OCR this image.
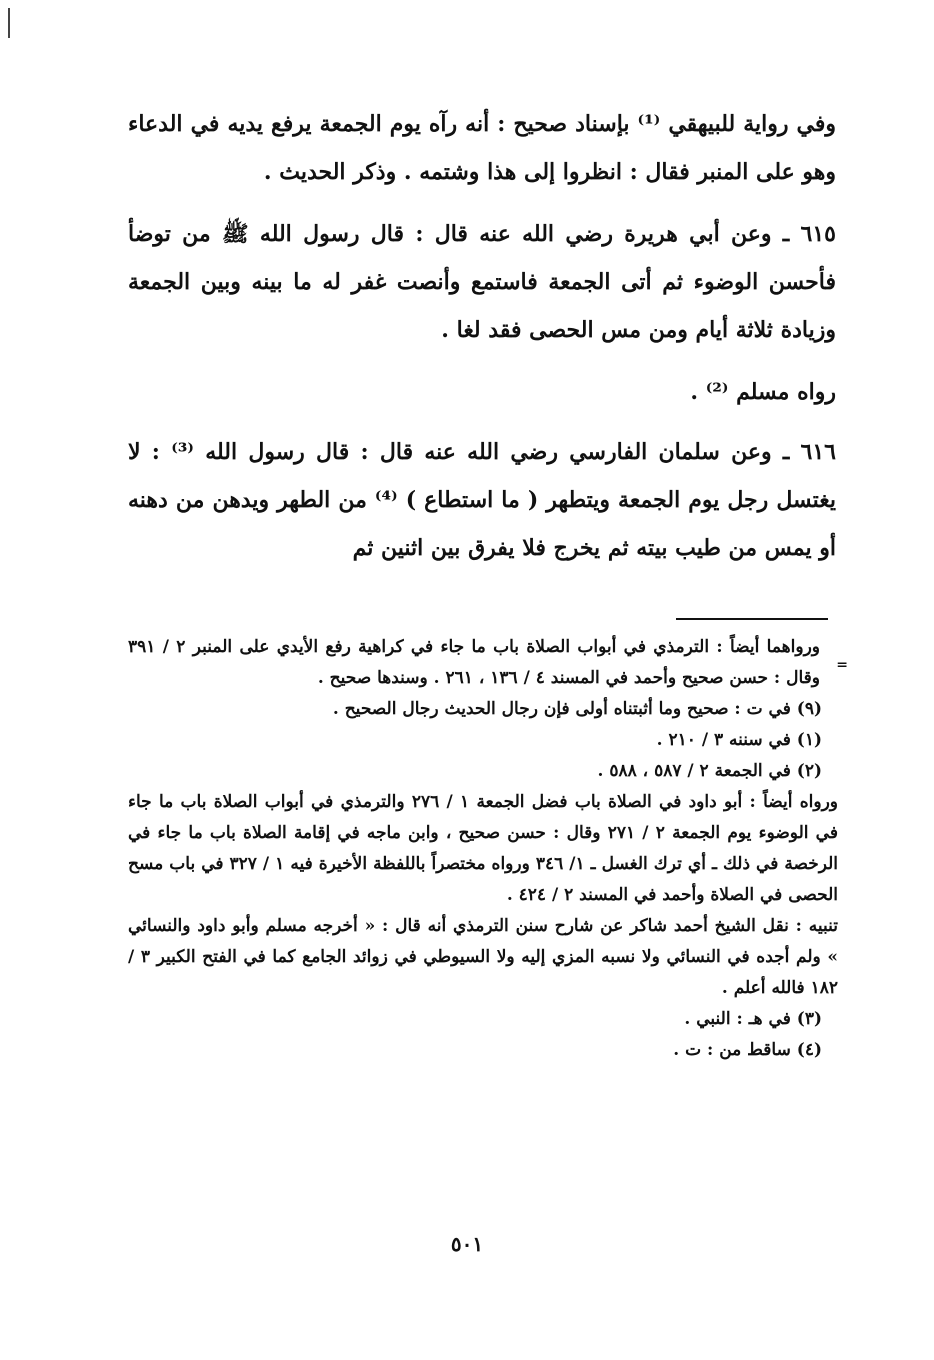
وفي رواية للبيهقي ⁽¹⁾ بإسناد صحيح : أنه رآه يوم الجمعة يرفع يديه في الدعاء وهو على المنبر فقال : انظروا إلى هذا وشتمه . وذكر الحديث .

٦١٥ ـ وعن أبي هريرة رضي الله عنه قال : قال رسول الله ﷺ من توضأ فأحسن الوضوء ثم أتى الجمعة فاستمع وأنصت غفر له ما بينه وبين الجمعة وزيادة ثلاثة أيام ومن مس الحصى فقد لغا .

رواه مسلم ⁽²⁾ .

٦١٦ ـ وعن سلمان الفارسي رضي الله عنه قال : قال رسول الله ⁽³⁾ : لا يغتسل رجل يوم الجمعة ويتطهر ( ما استطاع ) ⁽⁴⁾ من الطهر ويدهن من دهنه أو يمس من طيب بيته ثم يخرج فلا يفرق بين اثنين ثم

=

ورواهما أيضاً : الترمذي في أبواب الصلاة باب ما جاء في كراهية رفع الأيدي على المنبر ٢ / ٣٩١ وقال : حسن صحيح وأحمد في المسند ٤ / ١٣٦ ، ٢٦١ . وسندها صحيح .

(٩) في ت : صحيح وما أثبتناه أولى فإن رجال الحديث رجال الصحيح .

(١) في سننه ٣ / ٢١٠ .

(٢) في الجمعة ٢ / ٥٨٧ ، ٥٨٨ .

ورواه أيضاً : أبو داود في الصلاة باب فضل الجمعة ١ / ٢٧٦ والترمذي في أبواب الصلاة باب ما جاء في الوضوء يوم الجمعة ٢ / ٢٧١ وقال : حسن صحيح ، وابن ماجه في إقامة الصلاة باب ما جاء في الرخصة في ذلك ـ أي ترك الغسل ـ ١/ ٣٤٦ ورواه مختصراً باللفظة الأخيرة فيه ١ / ٣٢٧ في باب مسح الحصى في الصلاة وأحمد في المسند ٢ / ٤٢٤ .

تنبيه : نقل الشيخ أحمد شاكر عن شارح سنن الترمذي أنه قال : « أخرجه مسلم وأبو داود والنسائي » ولم أجده في النسائي ولا نسبه المزي إليه ولا السيوطي في زوائد الجامع كما في الفتح الكبير ٣ / ١٨٢ فالله أعلم .

(٣) في هـ : النبي .

(٤) ساقط من : ت .

٥٠١
